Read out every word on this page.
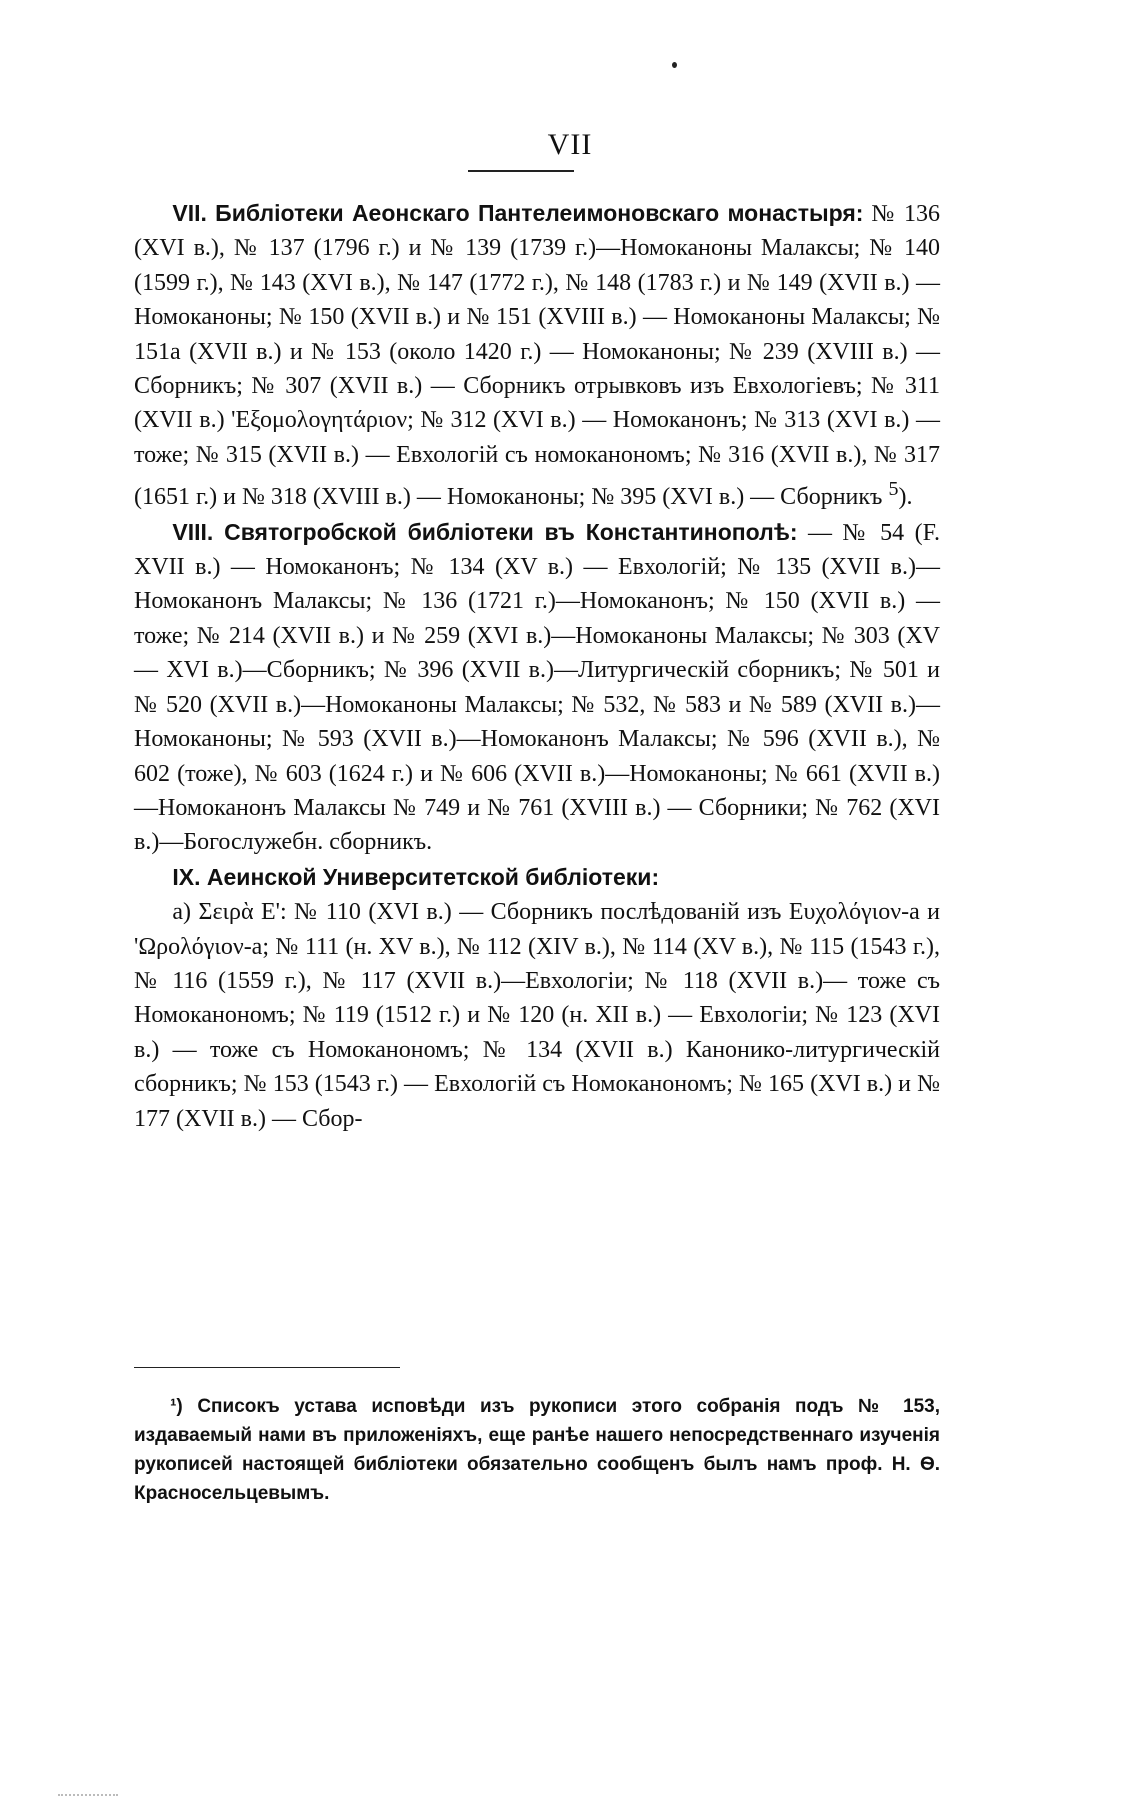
VII

VII. Библіотеки Аеонскаго Пантелеимоновскаго монастыря: № 136 (XVI в.), № 137 (1796 г.) и № 139 (1739 г.)—Номоканоны Малаксы; № 140 (1599 г.), № 143 (XVI в.), № 147 (1772 г.), № 148 (1783 г.) и № 149 (XVII в.) — Номоканоны; № 150 (XVII в.) и № 151 (XVIII в.) — Номоканоны Малаксы; № 151а (XVII в.) и № 153 (около 1420 г.) — Номоканоны; № 239 (XVIII в.) — Сборникъ; № 307 (XVII в.) — Сборникъ отрывковъ изъ Евхологіевъ; № 311 (XVII в.) 'Εξομολογητάριον; № 312 (XVI в.) — Номоканонъ; № 313 (XVI в.) — тоже; № 315 (XVII в.) — Евхологій съ номоканономъ; № 316 (XVII в.), № 317 (1651 г.) и № 318 (XVIII в.) — Номоканоны; № 395 (XVI в.) — Сборникъ $^5$).

VIII. Святогробской библіотеки въ Константинополѣ: — № 54 (F. XVII в.) — Номоканонъ; № 134 (XV в.) — Евхологій; № 135 (XVII в.)—Номоканонъ Малаксы; № 136 (1721 г.)—Номоканонъ; № 150 (XVII в.) — тоже; № 214 (XVII в.) и № 259 (XVI в.)—Номоканоны Малаксы; № 303 (XV — XVI в.)—Сборникъ; № 396 (XVII в.)—Литургическій сборникъ; № 501 и № 520 (XVII в.)—Номоканоны Малаксы; № 532, № 583 и № 589 (XVII в.)—Номоканоны; № 593 (XVII в.)—Номоканонъ Малаксы; № 596 (XVII в.), № 602 (тоже), № 603 (1624 г.) и № 606 (XVII в.)—Номоканоны; № 661 (XVII в.)—Номоканонъ Малаксы № 749 и № 761 (XVIII в.) — Сборники; № 762 (XVI в.)—Богослужебн. сборникъ.

IX. Аеинской Университетской библіотеки:

а) Σειρὰ Ε': № 110 (XVI в.) — Сборникъ послѣдованій изъ Ευχολόγιον-а и 'Ωρολόγιον-а; № 111 (н. XV в.), № 112 (XIV в.), № 114 (XV в.), № 115 (1543 г.), № 116 (1559 г.), № 117 (XVII в.)—Евхологіи; № 118 (XVII в.)— тоже съ Номоканономъ; № 119 (1512 г.) и № 120 (н. XII в.) — Евхологіи; № 123 (XVI в.) — тоже съ Номоканономъ; № 134 (XVII в.) Канонико-литургическій сборникъ; № 153 (1543 г.) — Евхологій съ Номоканономъ; № 165 (XVI в.) и № 177 (XVII в.) — Сбор-

¹) Списокъ устава исповѣди изъ рукописи этого собранія подъ № 153, издаваемый нами въ приложеніяхъ, еще ранѣе нашего непосредственнаго изученія рукописей настоящей библіотеки обязательно сообщенъ былъ намъ проф. Н. Ѳ. Красносельцевымъ.
